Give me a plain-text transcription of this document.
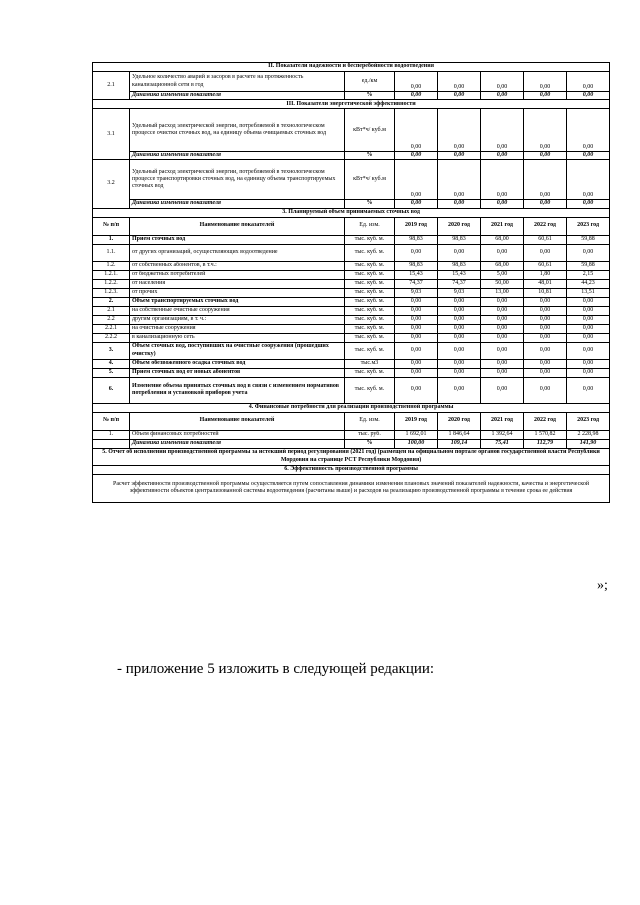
II. Показатели надежности и бесперебойности водоотведения							
2.1	Удельное количество аварий и засоров в расчете на протяженность канализационной сети в год	ед./км	0,00	0,00	0,00	0,00	0,00
	Динамика изменения показателя	%	0,00	0,00	0,00	0,00	0,00
III. Показатели энергетической эффективности							
3.1	Удельный расход электрической энергии, потребляемой в технологическом процессе очистки сточных вод, на единицу объема очищаемых сточных вод	кВт*ч/ куб.м	0,00	0,00	0,00	0,00	0,00
	Динамика изменения показателя	%	0,00	0,00	0,00	0,00	0,00
3.2	Удельный расход электрической энергии, потребляемой в технологическом процессе транспортировки сточных вод, на единицу объема транспортируемых сточных вод	кВт*ч/ куб.м	0,00	0,00	0,00	0,00	0,00
	Динамика изменения показателя	%	0,00	0,00	0,00	0,00	0,00
3. Планируемый объем принимаемых сточных вод							
№ п/п	Наименование показателей	Ед. изм.	2019 год	2020 год	2021 год	2022 год	2023 год
1.	Прием сточных вод	тыс. куб. м.	98,83	98,83	68,00	60,61	59,88
1.1.	от других организаций, осуществляющих водоотведение	тыс. куб. м.	0,00	0,00	0,00	0,00	0,00
1.2.	от собственных абонентов, в т.ч.:	тыс. куб. м.	98,83	98,83	68,00	60,61	59,88
1.2.1.	от бюджетных потребителей	тыс. куб. м.	15,43	15,43	5,00	1,80	2,15
1.2.2.	от населения	тыс. куб. м.	74,37	74,37	50,00	48,01	44,23
1.2.3.	от прочих	тыс. куб. м.	9,03	9,03	13,00	10,81	13,51
2.	Объем транспортируемых сточных вод	тыс. куб. м.	0,00	0,00	0,00	0,00	0,00
2.1	на собственные очистные сооружения	тыс. куб. м.	0,00	0,00	0,00	0,00	0,00
2.2	другим организациям, в т. ч.:	тыс. куб. м.	0,00	0,00	0,00	0,00	0,00
2.2.1	на очистные сооружения	тыс. куб. м.	0,00	0,00	0,00	0,00	0,00
2.2.2	в канализационную сеть	тыс. куб. м.	0,00	0,00	0,00	0,00	0,00
3.	Объем сточных вод, поступивших на очистные сооружения (прошедших очистку)	тыс. куб. м.	0,00	0,00	0,00	0,00	0,00
4.	Объем обезвоженного осадка сточных вод	тыс.м3	0,00	0,00	0,00	0,00	0,00
5.	Прием сточных вод от новых абонентов	тыс. куб. м.	0,00	0,00	0,00	0,00	0,00
6.	Изменение объема принятых сточных вод в связи с изменением нормативов потребления и установкой приборов учета	тыс. куб. м.	0,00	0,00	0,00	0,00	0,00
4. Финансовые потребности для реализации производственной программы							
№ п/п	Наименование показателей	Ед. изм.	2019 год	2020 год	2021 год	2022 год	2023 год
1.	Объем финансовых потребностей	тыс. руб.	1 692,01	1 846,64	1 392,64	1 570,82	2 228,98
	Динамика изменения показателя	%	100,00	109,14	75,41	112,79	141,90
5. Отчет об исполнении производственной программы за истекший период регулирования (2021 год) (размещен на официальном портале органов государственной власти Республики Мордовия на странице РСТ Республики Мордовия)							
6. Эффективность производственной программы							
Расчет эффективности производственной программы осуществляется путем сопоставления динамики изменения плановых значений показателей надежности, качества и энергетической эффективности объектов централизованной системы водоотведения (расчитаны выше) и расходов на реализацию производственной программы в течение срока ее действия							
»;
- приложение 5 изложить в следующей редакции:
